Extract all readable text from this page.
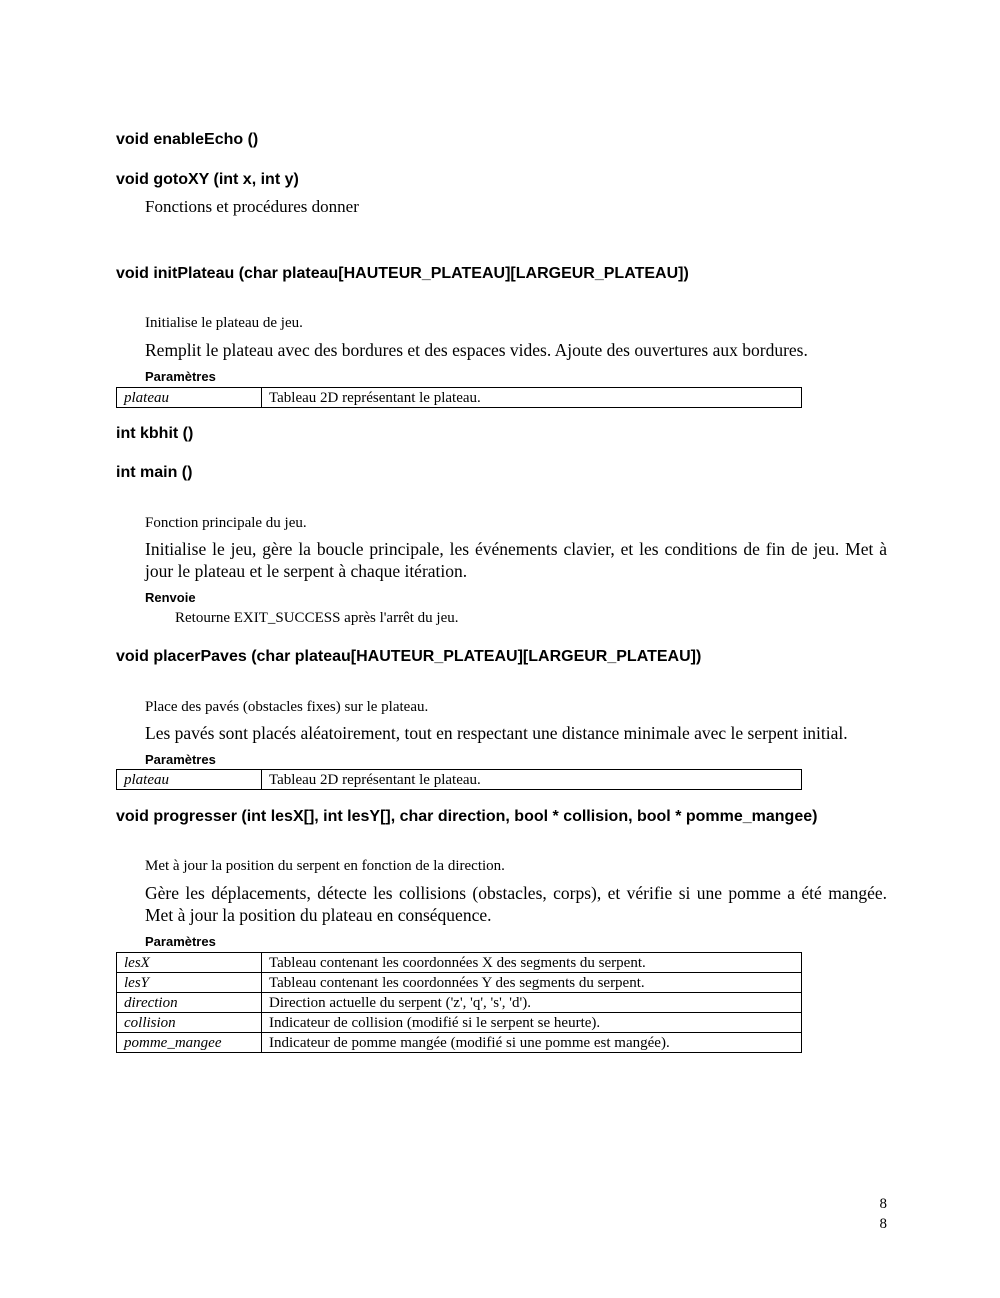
void enableEcho ()
void gotoXY (int x, int y)

Fonctions et procédures donner

void initPlateau (char plateau[HAUTEUR_PLATEAU][LARGEUR_PLATEAU])

Initialise le plateau de jeu.

Remplit le plateau avec des bordures et des espaces vides. Ajoute des ouvertures aux bordures.

Paramètres

plateau	Tableau 2D représentant le plateau.
int kbhit ()
int main ()

Fonction principale du jeu.

Initialise le jeu, gère la boucle principale, les événements clavier, et les conditions de fin de jeu. Met à jour le plateau et le serpent à chaque itération.

Renvoie

Retourne EXIT_SUCCESS après l'arrêt du jeu.

void placerPaves (char plateau[HAUTEUR_PLATEAU][LARGEUR_PLATEAU])

Place des pavés (obstacles fixes) sur le plateau.

Les pavés sont placés aléatoirement, tout en respectant une distance minimale avec le serpent initial.

Paramètres

plateau	Tableau 2D représentant le plateau.
void progresser (int lesX[], int lesY[], char direction, bool * collision, bool * pomme_mangee)

Met à jour la position du serpent en fonction de la direction.

Gère les déplacements, détecte les collisions (obstacles, corps), et vérifie si une pomme a été mangée. Met à jour la position du plateau en conséquence.

Paramètres

lesX	Tableau contenant les coordonnées X des segments du serpent.
lesY	Tableau contenant les coordonnées Y des segments du serpent.
direction	Direction actuelle du serpent ('z', 'q', 's', 'd').
collision	Indicateur de collision (modifié si le serpent se heurte).
pomme_mangee	Indicateur de pomme mangée (modifié si une pomme est mangée).
8
8
